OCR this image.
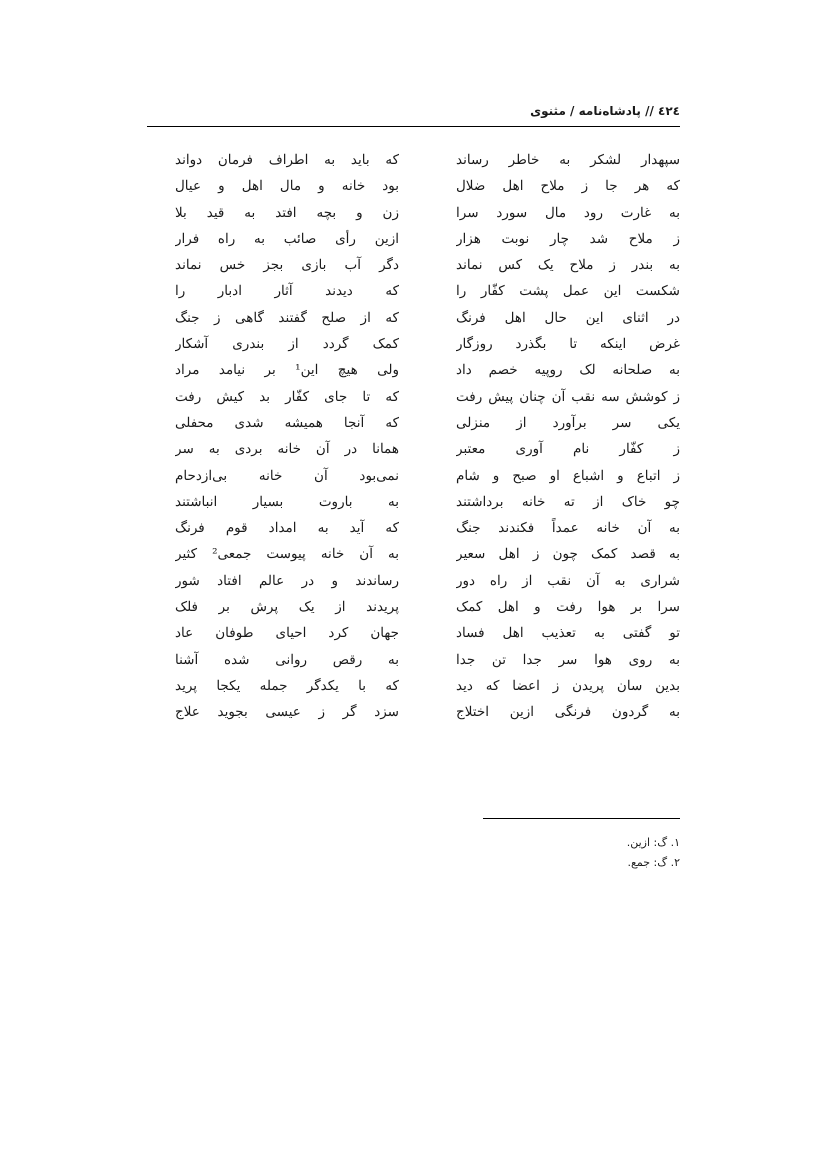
٤٢٤ // پادشاه‌نامه / مثنوی
سپهدار لشکر به خاطر رساند
که باید به اطراف فرمان دواند
که هر جا ز ملاح اهل ضلال
بود خانه و مال اهل و عیال
به غارت رود مال سورد سرا
زن و بچه افتد به قید بلا
ز ملاح شد چار نوبت هزار
ازین رأی صائب به راه فرار
به بندر ز ملاح یک کس نماند
دگر آب بازی بجز خس نماند
شکست این عمل پشت کفّار را
که دیدند آثار ادبار را
در اثنای این حال اهل فرنگ
که از صلح گفتند گاهی ز جنگ
غرض اینکه تا بگذرد روزگار
کمک گردد از بندری آشکار
به صلحانه لک روپیه خصم داد
ولی هیچ این¹ بر نیامد مراد
ز کوشش سه نقب آن چنان پیش رفت
که تا جای کفّار بد کیش رفت
یکی سر برآورد از منزلی
که آنجا همیشه شدی محفلی
ز کفّار نام آوری معتبر
همانا در آن خانه بردی به سر
ز اتباع و اشباع او صبح و شام
نمی‌بود آن خانه بی‌ازدحام
چو خاک از ته خانه برداشتند
به باروت بسیار انباشتند
به آن خانه عمداً فکندند جنگ
که آید به امداد قوم فرنگ
به قصد کمک چون ز اهل سعیر
به آن خانه پیوست جمعی² کثیر
شراری به آن نقب از راه دور
رساندند و در عالم افتاد شور
سرا بر هوا رفت و اهل کمک
پریدند از یک پرش بر فلک
تو گفتی به تعذیب اهل فساد
جهان کرد احیای طوفان عاد
به روی هوا سر جدا تن جدا
به رقص روانی شده آشنا
بدین سان پریدن ز اعضا که دید
که با یکدگر جمله یکجا پرید
به گردون فرنگی ازین اختلاج
سزد گر ز عیسی بجوید علاج
۱. گ: ازین.
۲. گ: جمع.
